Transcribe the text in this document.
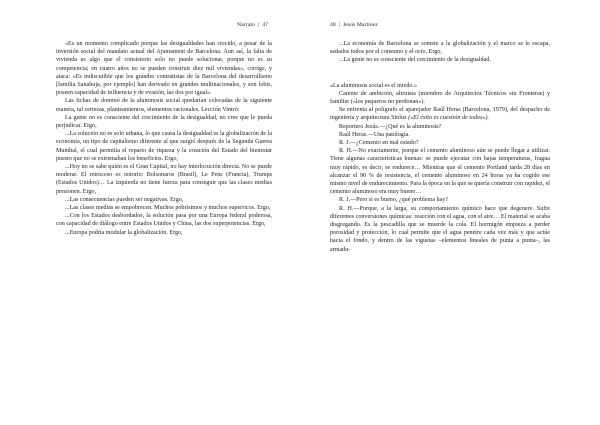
Narrato | 47

«Es un momento complicado porque las desigualdades han crecido, a pesar de la inversión social del mandato actual del Ajuntament de Barcelona. Aun así, la falta de vivienda es algo que el consistorio solo no puede solucionar, porque no es su competencia; en cuatro años no se pueden construir diez mil viviendas», corrige, y ataca: «Es indiscutible que los grandes contratistas de la Barcelona del desarrollismo [familia Sanahuja, por ejemplo] han derivado en grandes multinacionales, y son lobis, poseen capacidad de influencia y de evasión, las dos por igual».

Las fichas de dominó de la aluminosis social quedarían colocadas de la siguiente manera, tal certezas, planteamientos, elementos racionales. Lección Vintró:

La gente no es consciente del crecimiento de la desigualdad, no cree que le pueda perjudicar. Ergo,

...La solución no es solo urbana, lo que causa la desigualdad es la globalización de la economía, un tipo de capitalismo diferente al que surgió después de la Segunda Guerra Mundial, el cual permitía el reparto de riqueza y la creación del Estado del bienestar puesto que no se extremaban los beneficios. Ergo,

...Hoy no se sabe quién es el Gran Capital, no hay interlocución directa. No se puede moderar. El retroceso es notorio: Bolsonaros (Brasil), Le Pens (Francia), Trumps (Estados Unidos)… La izquierda no tiene fuerza para conseguir que las clases medias presionen. Ergo,

...Las consecuencias pueden ser negativas. Ergo,

...Las clases medias se empobrecen. Muchos pobrísimos y muchos superricos. Ergo,

...Con los Estados desbordados, la solución pasa por una Europa federal poderosa, con capacidad de diálogo entre Estados Unidos y China, las dos superpotencias. Ergo,

...Europa podría modular la globalización. Ergo,

48 | Jesús Martínez

...La economía de Barcelona se somete a la globalización y el marco se le escapa, sedados todos por el consumo y el ocio. Ergo,

...La gente no es consciente del crecimiento de la desigualdad.

«La aluminosis social es el miedo.»

Carente de ambición, altruista (miembro de Arquitectos Técnicos sin Fronteras) y familiar («los pequeros no perdonan»).

Se enfrenta al polígrafo el aparejador Raúl Heras (Barcelona, 1979), del despacho de ingeniería y arquitectura Sinluz («El éxito es cuestión de todos»).

Reportero Jesús.—¿Qué es la aluminosis?

Raúl Heras.—Una patología.

R. J.—¿Cemento en mal estado?

R. H.—No exactamente, porque el cemento aluminoso aún se puede llegar a utilizar. Tiene algunas características buenas: se puede ejecutar con bajas temperaturas, fragua muy rápido, es decir, se endurece… Mientras que el cemento Portland tarda 28 días en alcanzar el 90 % de resistencia, el cemento aluminoso en 24 horas ya ha cogido ese mismo nivel de endurecimiento. Para la época en la que se quería construir con rapidez, el cemento aluminoso era muy bueno…

R. J.—Pero si es bueno, ¿qué problema hay?

R. H.—Porque, a la larga, su comportamiento químico hace que degenere. Sufre diferentes conversiones químicas: reacción con el agua, con el aire… El material se acaba disgregando. Es la pescadilla que se muerde la cola. El hormigón empieza a perder porosidad y protección, lo cual permite que el agua penetre cada vez más y que actúe hacia el fondo, y dentro de las viguetas –elementos lineales de punta a punta–, las armadu-
